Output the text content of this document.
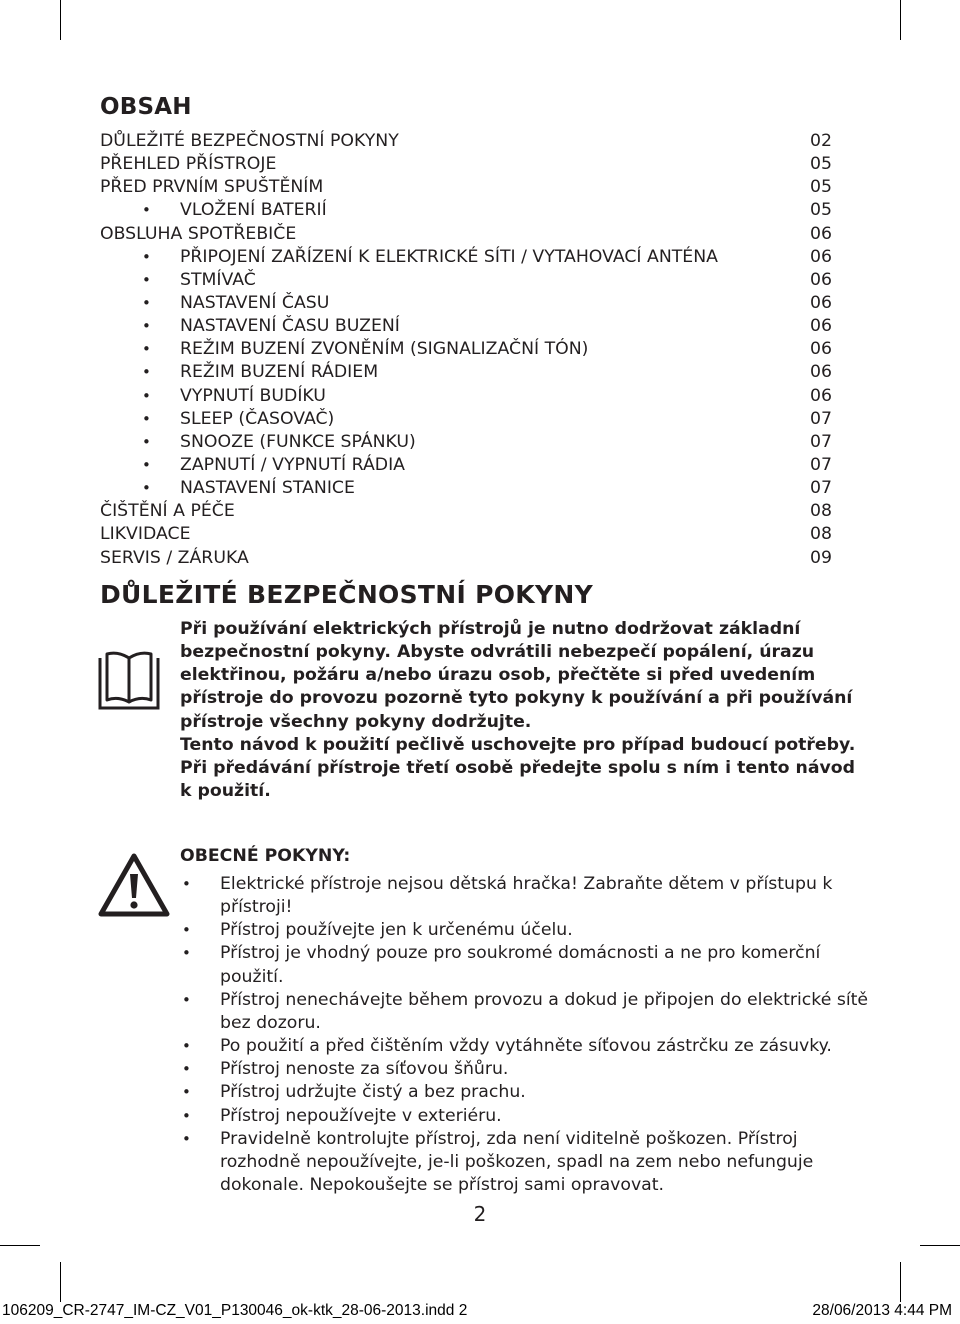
OBSAH
DŮLEŽITÉ BEZPEČNOSTNÍ POKYNY	02
PŘEHLED PŘÍSTROJE	05
PŘED PRVNÍM SPUŠTĚNÍM	05
• VLOŽENÍ BATERIÍ	05
OBSLUHA SPOTŘEBIČE	06
• PŘIPOJENÍ ZAŘÍZENÍ K ELEKTRICKÉ SÍTI / VYTAHOVACÍ ANTÉNA	06
• STMÍVAČ	06
• NASTAVENÍ ČASU	06
• NASTAVENÍ ČASU BUZENÍ	06
• REŽIM BUZENÍ ZVONĚNÍM (SIGNALIZAČNÍ TÓN)	06
• REŽIM BUZENÍ RÁDIEM	06
• VYPNUTÍ BUDÍKU	06
• SLEEP (ČASOVAČ)	07
• SNOOZE (FUNKCE SPÁNKU)	07
• ZAPNUTÍ / VYPNUTÍ RÁDIA	07
• NASTAVENÍ STANICE	07
ČIŠTĚNÍ A PÉČE	08
LIKVIDACE	08
SERVIS / ZÁRUKA	09
DŮLEŽITÉ BEZPEČNOSTNÍ POKYNY

Při používání elektrických přístrojů je nutno dodržovat základní bezpečnostní pokyny. Abyste odvrátili nebezpečí popálení, úrazu elektřinou, požáru a/nebo úrazu osob, přečtěte si před uvedením přístroje do provozu pozorně tyto pokyny k používání a při používání přístroje všechny pokyny dodržujte.

Tento návod k použití pečlivě uschovejte pro případ budoucí potřeby.

Při předávání přístroje třetí osobě předejte spolu s ním i tento návod k použití.

OBECNÉ POKYNY:
• Elektrické přístroje nejsou dětská hračka! Zabraňte dětem v přístupu k přístroji!
• Přístroj používejte jen k určenému účelu.
• Přístroj je vhodný pouze pro soukromé domácnosti a ne pro komerční použití.
• Přístroj nenechávejte během provozu a dokud je připojen do elektrické sítě bez dozoru.
• Po použití a před čištěním vždy vytáhněte síťovou zástrčku ze zásuvky.
• Přístroj nenoste za síťovou šňůru.
• Přístroj udržujte čistý a bez prachu.
• Přístroj nepoužívejte v exteriéru.
• Pravidelně kontrolujte přístroj, zda není viditelně poškozen. Přístroj rozhodně nepoužívejte, je-li poškozen, spadl na zem nebo nefunguje dokonale. Nepokoušejte se přístroj sami opravovat.
2
106209_CR-2747_IM-CZ_V01_P130046_ok-ktk_28-06-2013.indd 2	28/06/2013 4:44 PM
